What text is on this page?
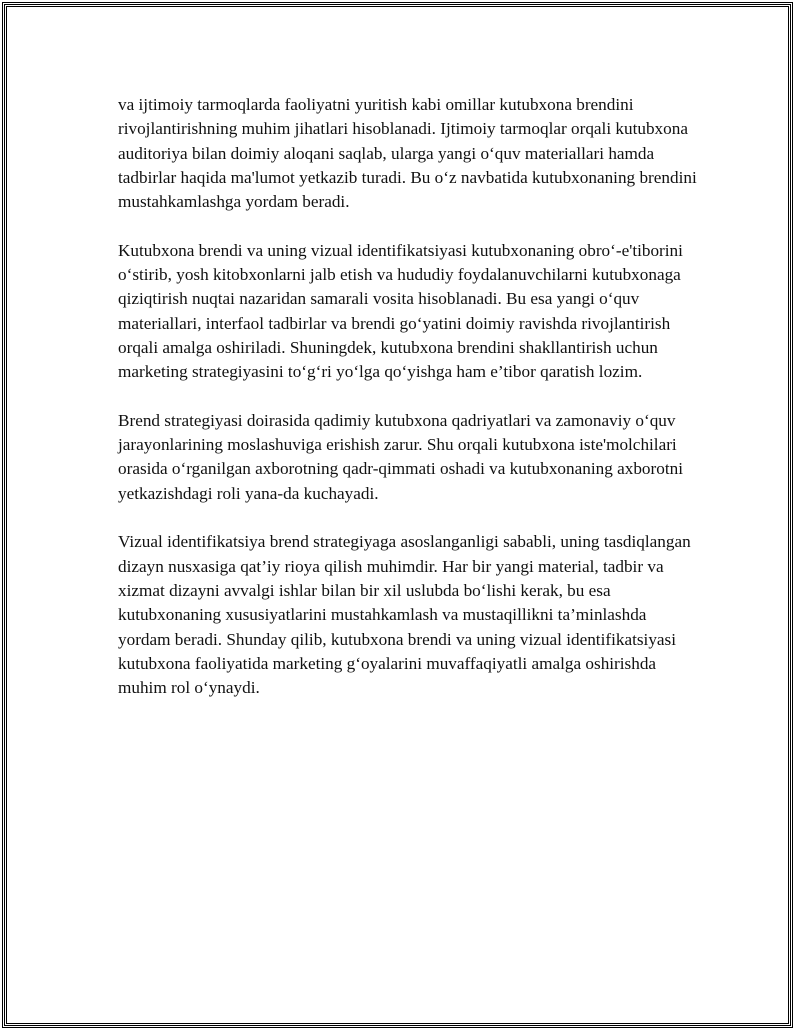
va ijtimoiy tarmoqlarda faoliyatni yuritish kabi omillar kutubxona brendini rivojlantirishning muhim jihatlari hisoblanadi. Ijtimoiy tarmoqlar orqali kutubxona auditoriya bilan doimiy aloqani saqlab, ularga yangi o‘quv materiallari hamda tadbirlar haqida ma'lumot yetkazib turadi. Bu o‘z navbatida kutubxonaning brendini mustahkamlashga yordam beradi.

Kutubxona brendi va uning vizual identifikatsiyasi kutubxonaning obro‘-e'tiborini o‘stirib, yosh kitobxonlarni jalb etish va hududiy foydalanuvchilarni kutubxonaga qiziqtirish nuqtai nazaridan samarali vosita hisoblanadi. Bu esa yangi o‘quv materiallari, interfaol tadbirlar va brendi go‘yatini doimiy ravishda rivojlantirish orqali amalga oshiriladi. Shuningdek, kutubxona brendini shakllantirish uchun marketing strategiyasini to‘g‘ri yo‘lga qo‘yishga ham e’tibor qaratish lozim.

Brend strategiyasi doirasida qadimiy kutubxona qadriyatlari va zamonaviy o‘quv jarayonlarining moslashuviga erishish zarur. Shu orqali kutubxona iste'molchilari orasida o‘rganilgan axborotning qadr-qimmati oshadi va kutubxonaning axborotni yetkazishdagi roli yana-da kuchayadi.

Vizual identifikatsiya brend strategiyaga asoslanganligi sababli, uning tasdiqlangan dizayn nusxasiga qat’iy rioya qilish muhimdir. Har bir yangi material, tadbir va xizmat dizayni avvalgi ishlar bilan bir xil uslubda bo‘lishi kerak, bu esa kutubxonaning xususiyatlarini mustahkamlash va mustaqillikni ta’minlashda yordam beradi. Shunday qilib, kutubxona brendi va uning vizual identifikatsiyasi kutubxona faoliyatida marketing g‘oyalarini muvaffaqiyatli amalga oshirishda muhim rol o‘ynaydi.
